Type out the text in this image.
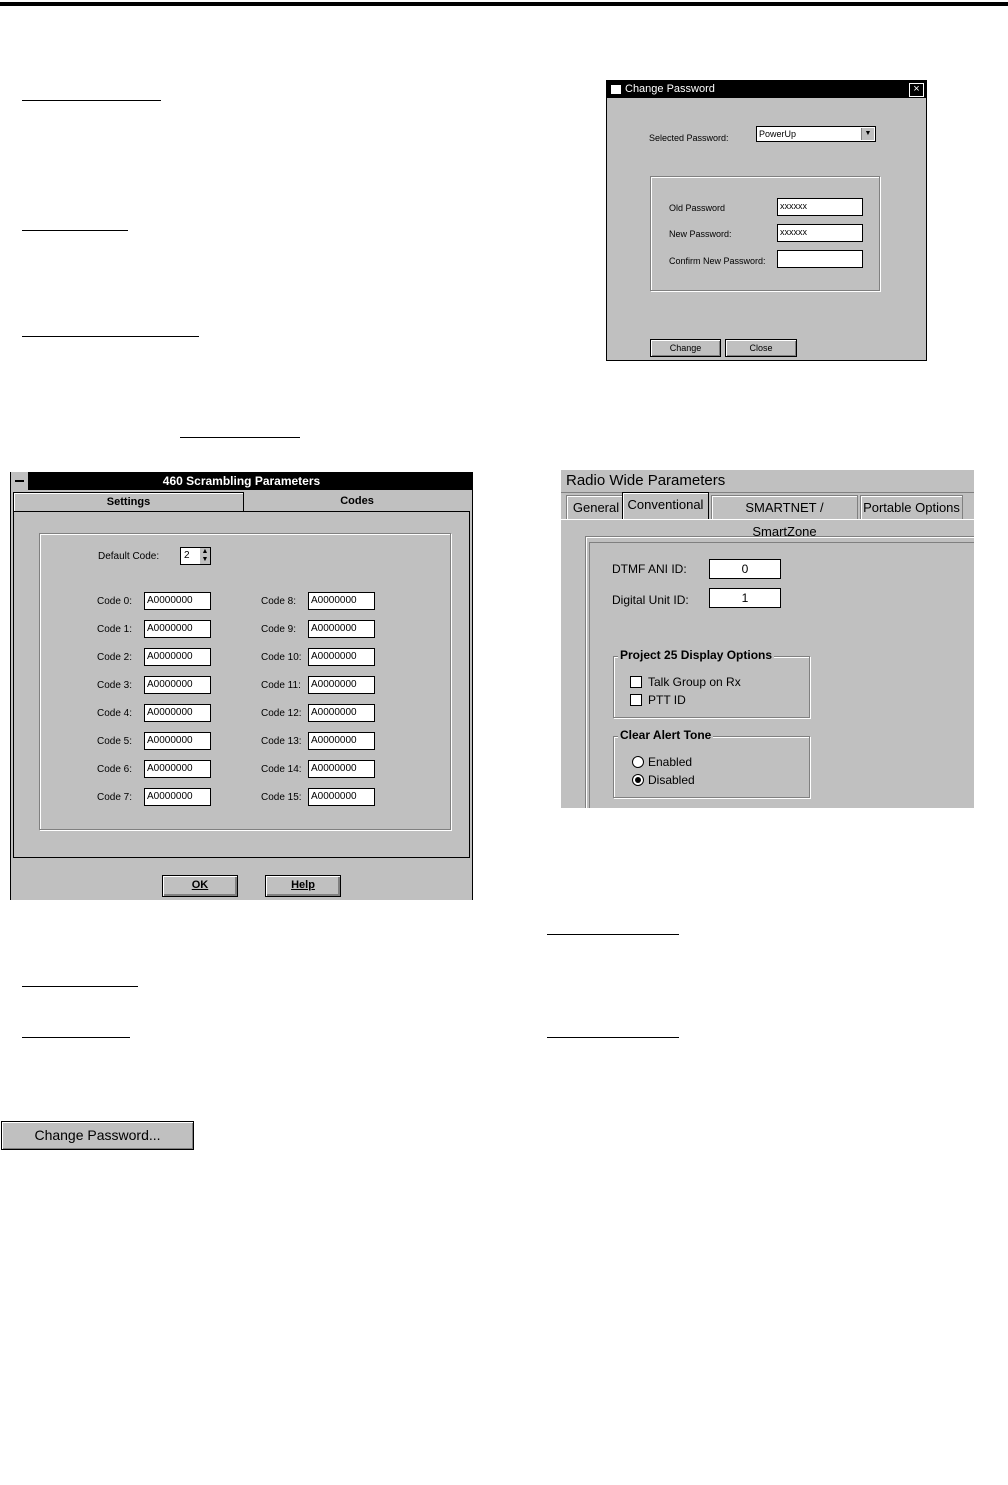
Change Password	×
Selected Password:	PowerUp	▼
Old Password	xxxxxx
New Password:	xxxxxx
Confirm New Password:
Change	Close
460 Scrambling Parameters
Settings	Codes
OK	Help
Default Code:	2 ▲
▼
Code 0:	A0000000
Code 1:	A0000000
Code 2:	A0000000
Code 3:	A0000000
Code 4:	A0000000
Code 5:	A0000000
Code 6:	A0000000
Code 7:	A0000000
Code 8:	A0000000
Code 9:	A0000000
Code 10: A0000000
Code 11:	A0000000
Code 12: A0000000
Code 13: A0000000
Code 14: A0000000
Code 15: A0000000
Radio Wide Parameters
General Conventional	SMARTNET / SmartZone
Portable Options
DTMF ANI ID:	0
Digital Unit ID:	1
Project 25 Display Options
Talk Group on Rx
PTT ID
Clear Alert Tone
Enabled
Disabled
Change Password...
